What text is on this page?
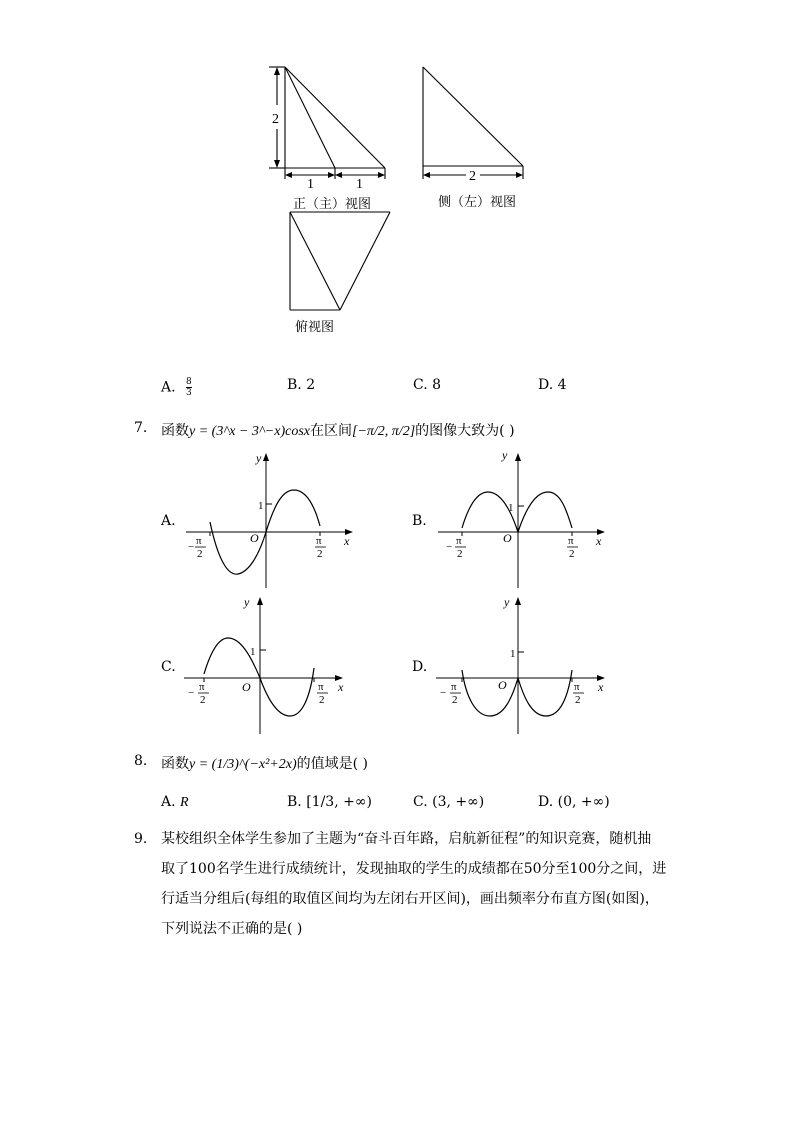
2
1	1
2
正（主）视图	侧（左）视图
俯视图
A. $\frac{8}{3}$	B. 2	C. 8	D. 4
7. 函数y = (3^x − 3^−x)cosx在区间[−π/2, π/2]的图像大致为( )
A.	B.
C.	D.
y
x
O
1
− π
2
π
2
y
x
O
1
− π
2
π
2
y
x
O
1
− π
2
π
2
y
x
O
1
− π
2
π
2
8. 函数y = (1/3)^(−x²+2x)的值域是( )
A. R	B. [1/3, +∞)	C. (3, +∞)	D. (0, +∞)
9. 某校组织全体学生参加了主题为“奋斗百年路，启航新征程”的知识竞赛，随机抽
取了100名学生进行成绩统计，发现抽取的学生的成绩都在50分至100分之间，进
行适当分组后(每组的取值区间均为左闭右开区间)，画出频率分布直方图(如图)，
下列说法不正确的是( )
